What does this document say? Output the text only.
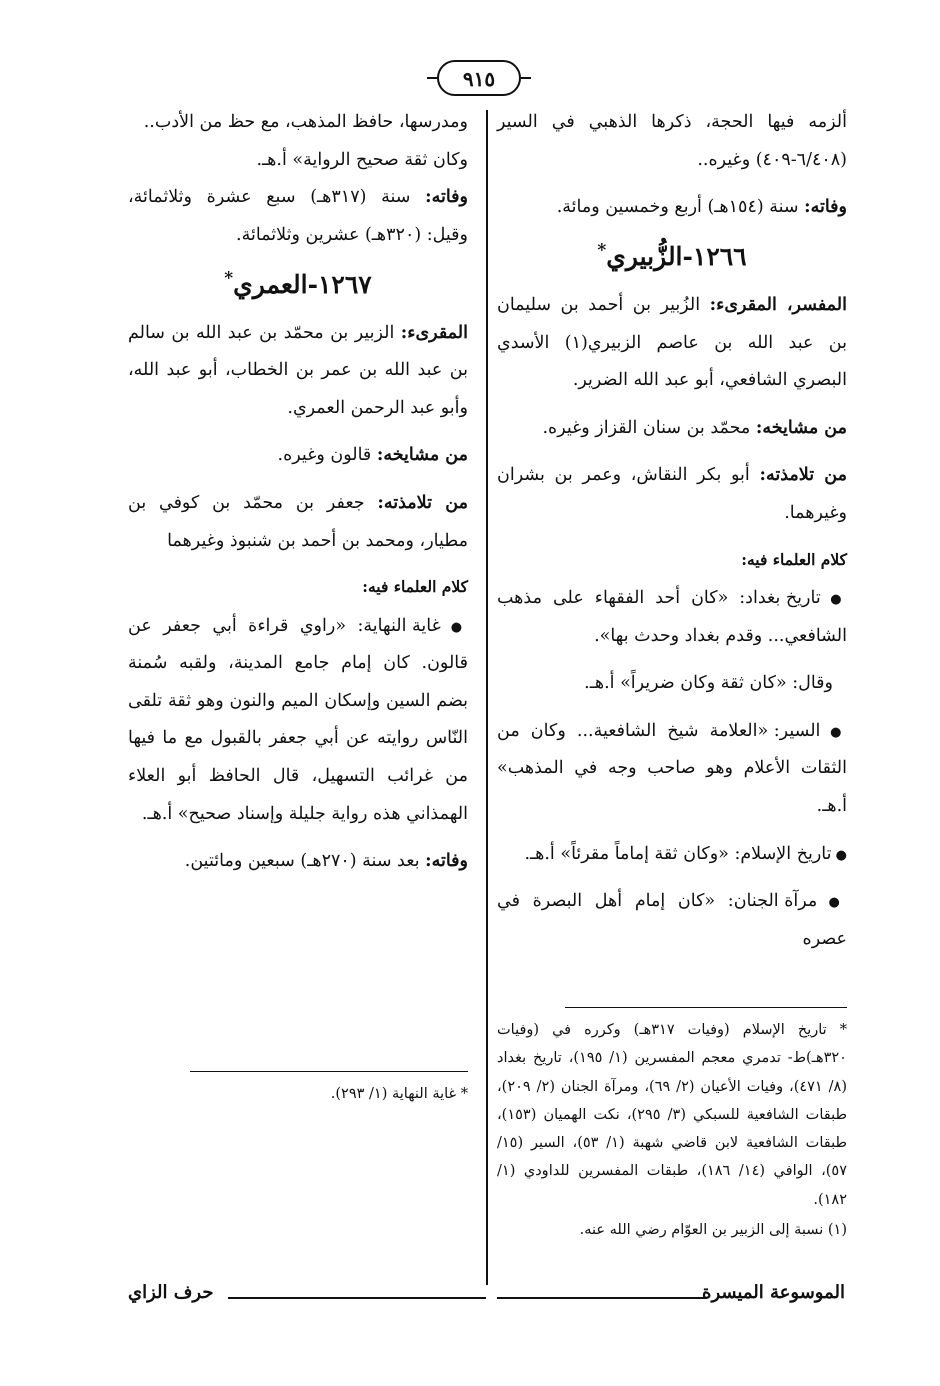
٩١٥

ألزمه فيها الحجة، ذكرها الذهبي في السير (٦/٤٠٨-٤٠٩) وغيره..

وفاته: سنة (١٥٤هـ) أربع وخمسين ومائة.

١٢٦٦-الزُّبيري*

المفسر، المقرىء: الزُبير بن أحمد بن سليمان بن عبد الله بن عاصم الزبيري(١) الأسدي البصري الشافعي، أبو عبد الله الضرير.

من مشايخه: محمّد بن سنان القزاز وغيره.

من تلامذته: أبو بكر النقاش، وعمر بن بشران وغيرهما.

كلام العلماء فيه:

● تاريخ بغداد: «كان أحد الفقهاء على مذهب الشافعي... وقدم بغداد وحدث بها».

وقال: «كان ثقة وكان ضريراً» أ.هـ.

● السير: «العلامة شيخ الشافعية... وكان من الثقات الأعلام وهو صاحب وجه في المذهب» أ.هـ.

● تاريخ الإسلام: «وكان ثقة إماماً مقرئاً» أ.هـ.

● مرآة الجنان: «كان إمام أهل البصرة في عصره

ومدرسها، حافظ المذهب، مع حظ من الأدب..
وكان ثقة صحيح الرواية» أ.هـ.

وفاته: سنة (٣١٧هـ) سبع عشرة وثلاثمائة، وقيل: (٣٢٠هـ) عشرين وثلاثمائة.

١٢٦٧-العمري*

المقرىء: الزبير بن محمّد بن عبد الله بن سالم بن عبد الله بن عمر بن الخطاب، أبو عبد الله، وأبو عبد الرحمن العمري.

من مشايخه: قالون وغيره.

من تلامذته: جعفر بن محمّد بن كوفي بن مطيار، ومحمد بن أحمد بن شنبوذ وغيرهما

كلام العلماء فيه:

● غاية النهاية: «راوي قراءة أبي جعفر عن قالون. كان إمام جامع المدينة، ولقبه سُمنة بضم السين وإسكان الميم والنون وهو ثقة تلقى النّاس روايته عن أبي جعفر بالقبول مع ما فيها من غرائب التسهيل، قال الحافظ أبو العلاء الهمذاني هذه رواية جليلة وإسناد صحيح» أ.هـ.

وفاته: بعد سنة (٢٧٠هـ) سبعين ومائتين.

* تاريخ الإسلام (وفيات ٣١٧هـ) وكرره في (وفيات ٣٢٠هـ)ط- تدمري معجم المفسرين (١/ ١٩٥)، تاريخ بغداد (٨/ ٤٧١)، وفيات الأعيان (٢/ ٦٩)، ومرآة الجنان (٢/ ٢٠٩)، طبقات الشافعية للسبكي (٣/ ٢٩٥)، نكت الهميان (١٥٣)، طبقات الشافعية لابن قاضي شهبة (١/ ٥٣)، السير (١٥/ ٥٧)، الوافي (١٤/ ١٨٦)، طبقات المفسرين للداودي (١/ ١٨٢).

(١) نسبة إلى الزبير بن العوّام رضي الله عنه.

* غاية النهاية (١/ ٢٩٣).

الموسوعة الميسرة
حرف الزاي
